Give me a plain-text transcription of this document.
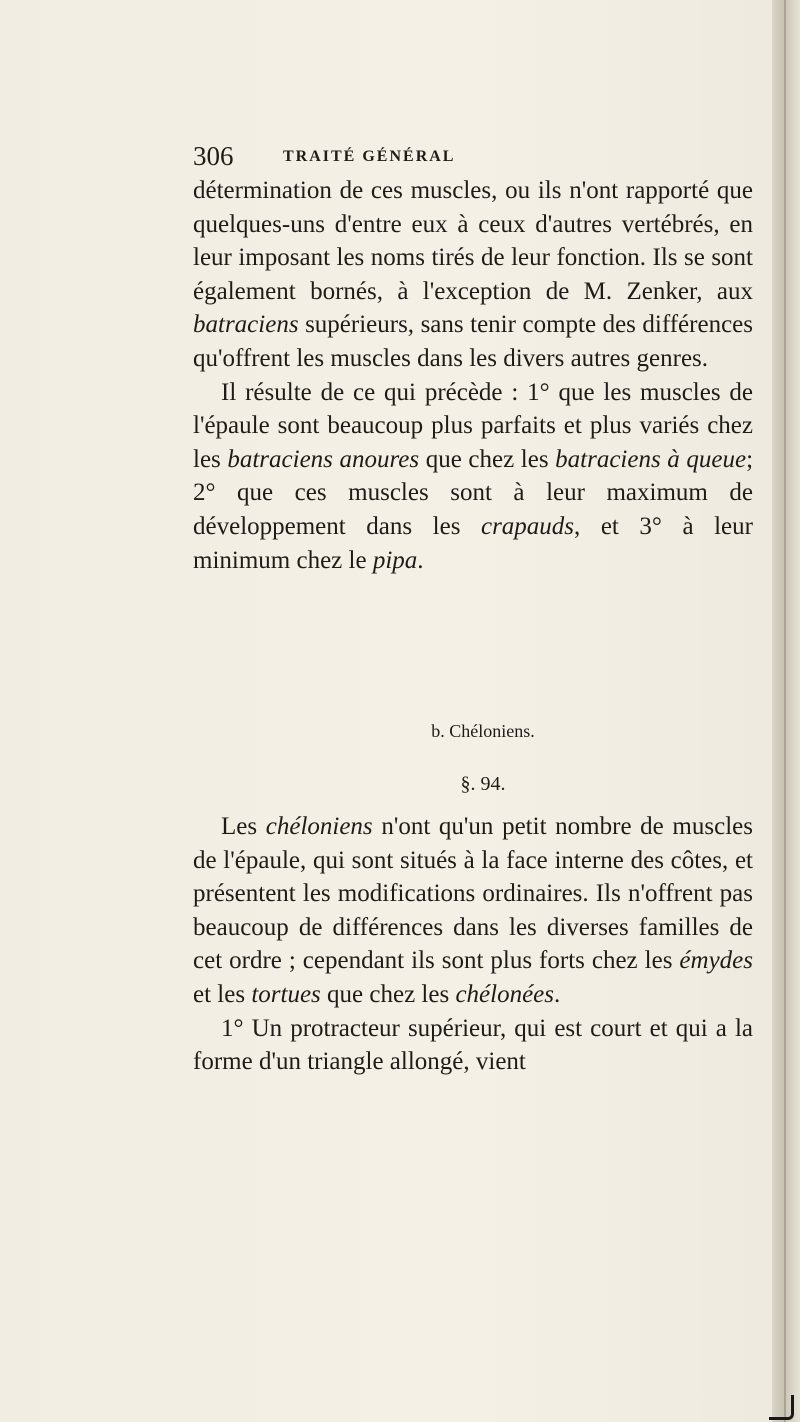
306	TRAITÉ GÉNÉRAL

détermination de ces muscles, ou ils n'ont rapporté que quelques-uns d'entre eux à ceux d'autres vertébrés, en leur imposant les noms tirés de leur fonction. Ils se sont également bornés, à l'exception de M. Zenker, aux batraciens supérieurs, sans tenir compte des différences qu'offrent les muscles dans les divers autres genres.

Il résulte de ce qui précède : 1° que les muscles de l'épaule sont beaucoup plus parfaits et plus variés chez les batraciens anoures que chez les batraciens à queue; 2° que ces muscles sont à leur maximum de développement dans les crapauds, et 3° à leur minimum chez le pipa.

b. Chéloniens.
§. 94.

Les chéloniens n'ont qu'un petit nombre de muscles de l'épaule, qui sont situés à la face interne des côtes, et présentent les modifications ordinaires. Ils n'offrent pas beaucoup de différences dans les diverses familles de cet ordre ; cependant ils sont plus forts chez les émydes et les tortues que chez les chélonées.

1° Un protracteur supérieur, qui est court et qui a la forme d'un triangle allongé, vient
